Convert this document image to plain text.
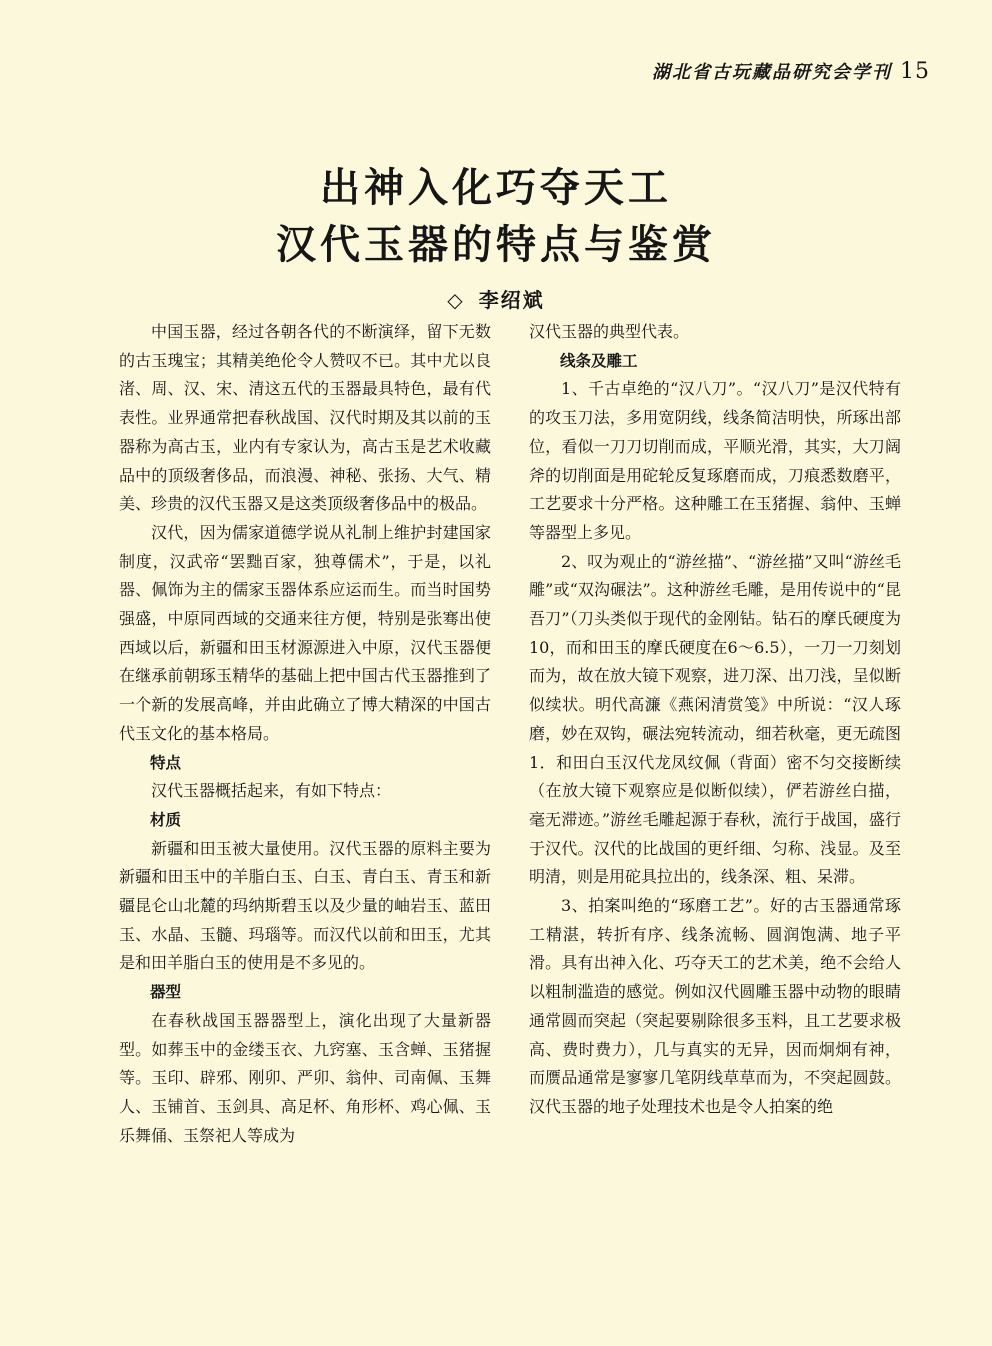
湖北省古玩藏品研究会学刊 15
出神入化巧夺天工
汉代玉器的特点与鉴赏
◇ 李绍斌

中国玉器，经过各朝各代的不断演绎，留下无数的古玉瑰宝；其精美绝伦令人赞叹不已。其中尤以良渚、周、汉、宋、清这五代的玉器最具特色，最有代表性。业界通常把春秋战国、汉代时期及其以前的玉器称为高古玉，业内有专家认为，高古玉是艺术收藏品中的顶级奢侈品，而浪漫、神秘、张扬、大气、精美、珍贵的汉代玉器又是这类顶级奢侈品中的极品。

汉代，因为儒家道德学说从礼制上维护封建国家制度，汉武帝“罢黜百家，独尊儒术”，于是，以礼器、佩饰为主的儒家玉器体系应运而生。而当时国势强盛，中原同西域的交通来往方便，特别是张骞出使西域以后，新疆和田玉材源源进入中原，汉代玉器便在继承前朝琢玉精华的基础上把中国古代玉器推到了一个新的发展高峰，并由此确立了博大精深的中国古代玉文化的基本格局。

特点

汉代玉器概括起来，有如下特点：

材质

新疆和田玉被大量使用。汉代玉器的原料主要为新疆和田玉中的羊脂白玉、白玉、青白玉、青玉和新疆昆仑山北麓的玛纳斯碧玉以及少量的岫岩玉、蓝田玉、水晶、玉髓、玛瑙等。而汉代以前和田玉，尤其是和田羊脂白玉的使用是不多见的。

器型

在春秋战国玉器器型上，演化出现了大量新器型。如葬玉中的金缕玉衣、九窍塞、玉含蝉、玉猪握等。玉印、辟邪、刚卯、严卯、翁仲、司南佩、玉舞人、玉铺首、玉剑具、高足杯、角形杯、鸡心佩、玉乐舞俑、玉祭祀人等成为

汉代玉器的典型代表。

线条及雕工

1、千古卓绝的“汉八刀”。“汉八刀”是汉代特有的攻玉刀法，多用宽阴线，线条简洁明快，所琢出部位，看似一刀刀切削而成，平顺光滑，其实，大刀阔斧的切削面是用砣轮反复琢磨而成，刀痕悉数磨平，工艺要求十分严格。这种雕工在玉猪握、翁仲、玉蝉等器型上多见。

2、叹为观止的“游丝描”、“游丝描”又叫“游丝毛雕”或“双沟碾法”。这种游丝毛雕，是用传说中的“昆吾刀”（刀头类似于现代的金刚钻。钻石的摩氏硬度为10，而和田玉的摩氏硬度在6～6.5），一刀一刀刻划而为，故在放大镜下观察，进刀深、出刀浅，呈似断似续状。明代高濂《燕闲清赏笺》中所说：“汉人琢磨，妙在双钩，碾法宛转流动，细若秋毫，更无疏图1．和田白玉汉代龙凤纹佩（背面）密不匀交接断续（在放大镜下观察应是似断似续），俨若游丝白描，毫无滞迹。”游丝毛雕起源于春秋，流行于战国，盛行于汉代。汉代的比战国的更纤细、匀称、浅显。及至明清，则是用砣具拉出的，线条深、粗、呆滞。

3、拍案叫绝的“琢磨工艺”。好的古玉器通常琢工精湛，转折有序、线条流畅、圆润饱满、地子平滑。具有出神入化、巧夺天工的艺术美，绝不会给人以粗制滥造的感觉。例如汉代圆雕玉器中动物的眼睛通常圆而突起（突起要剔除很多玉料，且工艺要求极高、费时费力），几与真实的无异，因而炯炯有神，而赝品通常是寥寥几笔阴线草草而为，不突起圆鼓。汉代玉器的地子处理技术也是令人拍案的绝
